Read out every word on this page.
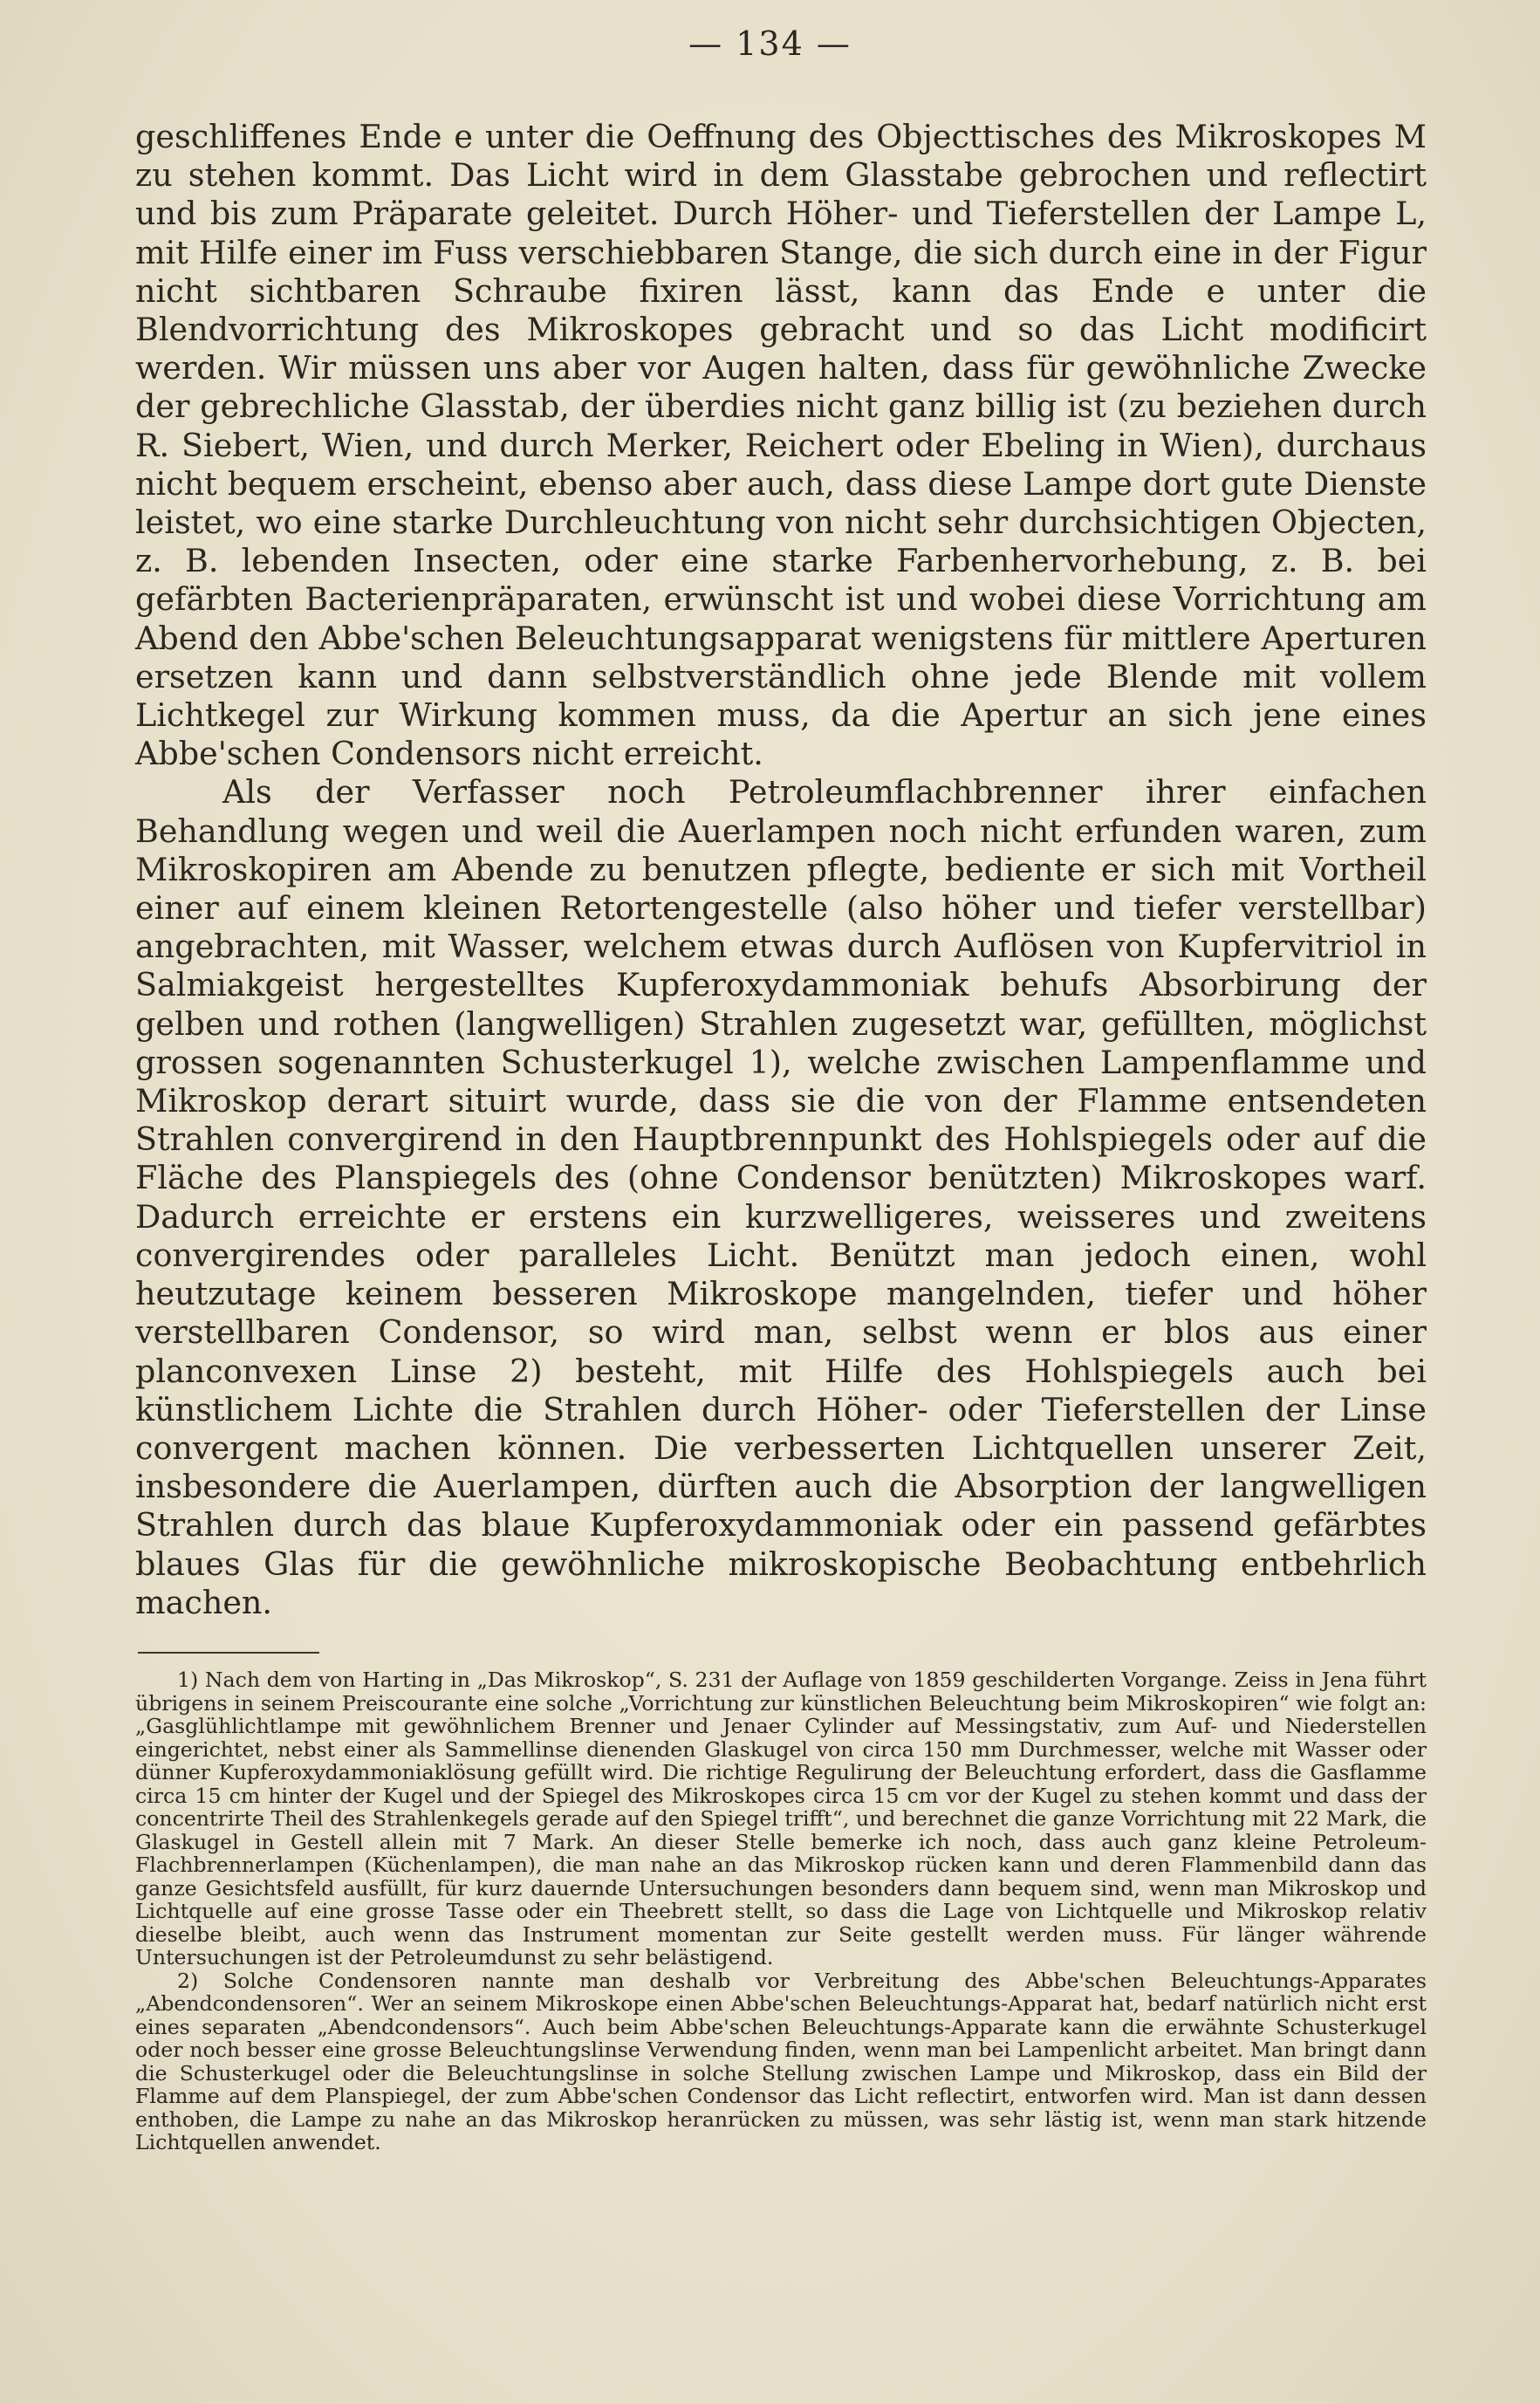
— 134 —

geschliffenes Ende e unter die Oeffnung des Objecttisches des Mikroskopes M zu stehen kommt. Das Licht wird in dem Glasstabe gebrochen und reflectirt und bis zum Präparate geleitet. Durch Höher- und Tieferstellen der Lampe L, mit Hilfe einer im Fuss verschiebbaren Stange, die sich durch eine in der Figur nicht sichtbaren Schraube fixiren lässt, kann das Ende e unter die Blendvorrichtung des Mikroskopes gebracht und so das Licht modificirt werden. Wir müssen uns aber vor Augen halten, dass für gewöhnliche Zwecke der gebrechliche Glasstab, der überdies nicht ganz billig ist (zu beziehen durch R. Siebert, Wien, und durch Merker, Reichert oder Ebeling in Wien), durchaus nicht bequem erscheint, ebenso aber auch, dass diese Lampe dort gute Dienste leistet, wo eine starke Durchleuchtung von nicht sehr durchsichtigen Objecten, z. B. lebenden Insecten, oder eine starke Farbenhervorhebung, z. B. bei gefärbten Bacterienpräparaten, erwünscht ist und wobei diese Vorrichtung am Abend den Abbe'schen Beleuchtungsapparat wenigstens für mittlere Aperturen ersetzen kann und dann selbstverständlich ohne jede Blende mit vollem Lichtkegel zur Wirkung kommen muss, da die Apertur an sich jene eines Abbe'schen Condensors nicht erreicht.

Als der Verfasser noch Petroleumflachbrenner ihrer einfachen Behandlung wegen und weil die Auerlampen noch nicht erfunden waren, zum Mikroskopiren am Abende zu benutzen pflegte, bediente er sich mit Vortheil einer auf einem kleinen Retortengestelle (also höher und tiefer verstellbar) angebrachten, mit Wasser, welchem etwas durch Auflösen von Kupfervitriol in Salmiakgeist hergestelltes Kupferoxydammoniak behufs Absorbirung der gelben und rothen (langwelligen) Strahlen zugesetzt war, gefüllten, möglichst grossen sogenannten Schusterkugel 1), welche zwischen Lampenflamme und Mikroskop derart situirt wurde, dass sie die von der Flamme entsendeten Strahlen convergirend in den Hauptbrennpunkt des Hohlspiegels oder auf die Fläche des Planspiegels des (ohne Condensor benützten) Mikroskopes warf. Dadurch erreichte er erstens ein kurzwelligeres, weisseres und zweitens convergirendes oder paralleles Licht. Benützt man jedoch einen, wohl heutzutage keinem besseren Mikroskope mangelnden, tiefer und höher verstellbaren Condensor, so wird man, selbst wenn er blos aus einer planconvexen Linse 2) besteht, mit Hilfe des Hohlspiegels auch bei künstlichem Lichte die Strahlen durch Höher- oder Tieferstellen der Linse convergent machen können. Die verbesserten Lichtquellen unserer Zeit, insbesondere die Auerlampen, dürften auch die Absorption der langwelligen Strahlen durch das blaue Kupferoxydammoniak oder ein passend gefärbtes blaues Glas für die gewöhnliche mikroskopische Beobachtung entbehrlich machen.

1) Nach dem von Harting in „Das Mikroskop“, S. 231 der Auflage von 1859 geschilderten Vorgange. Zeiss in Jena führt übrigens in seinem Preiscourante eine solche „Vorrichtung zur künstlichen Beleuchtung beim Mikroskopiren“ wie folgt an: „Gasglühlichtlampe mit gewöhnlichem Brenner und Jenaer Cylinder auf Messingstativ, zum Auf- und Niederstellen eingerichtet, nebst einer als Sammellinse dienenden Glaskugel von circa 150 mm Durchmesser, welche mit Wasser oder dünner Kupferoxydammoniaklösung gefüllt wird. Die richtige Regulirung der Beleuchtung erfordert, dass die Gasflamme circa 15 cm hinter der Kugel und der Spiegel des Mikroskopes circa 15 cm vor der Kugel zu stehen kommt und dass der concentrirte Theil des Strahlenkegels gerade auf den Spiegel trifft“, und berechnet die ganze Vorrichtung mit 22 Mark, die Glaskugel in Gestell allein mit 7 Mark. An dieser Stelle bemerke ich noch, dass auch ganz kleine Petroleum-Flachbrennerlampen (Küchenlampen), die man nahe an das Mikroskop rücken kann und deren Flammenbild dann das ganze Gesichtsfeld ausfüllt, für kurz dauernde Untersuchungen besonders dann bequem sind, wenn man Mikroskop und Lichtquelle auf eine grosse Tasse oder ein Theebrett stellt, so dass die Lage von Lichtquelle und Mikroskop relativ dieselbe bleibt, auch wenn das Instrument momentan zur Seite gestellt werden muss. Für länger währende Untersuchungen ist der Petroleumdunst zu sehr belästigend.

2) Solche Condensoren nannte man deshalb vor Verbreitung des Abbe'schen Beleuchtungs-Apparates „Abendcondensoren“. Wer an seinem Mikroskope einen Abbe'schen Beleuchtungs-Apparat hat, bedarf natürlich nicht erst eines separaten „Abendcondensors“. Auch beim Abbe'schen Beleuchtungs-Apparate kann die erwähnte Schusterkugel oder noch besser eine grosse Beleuchtungslinse Verwendung finden, wenn man bei Lampenlicht arbeitet. Man bringt dann die Schusterkugel oder die Beleuchtungslinse in solche Stellung zwischen Lampe und Mikroskop, dass ein Bild der Flamme auf dem Planspiegel, der zum Abbe'schen Condensor das Licht reflectirt, entworfen wird. Man ist dann dessen enthoben, die Lampe zu nahe an das Mikroskop heranrücken zu müssen, was sehr lästig ist, wenn man stark hitzende Lichtquellen anwendet.
